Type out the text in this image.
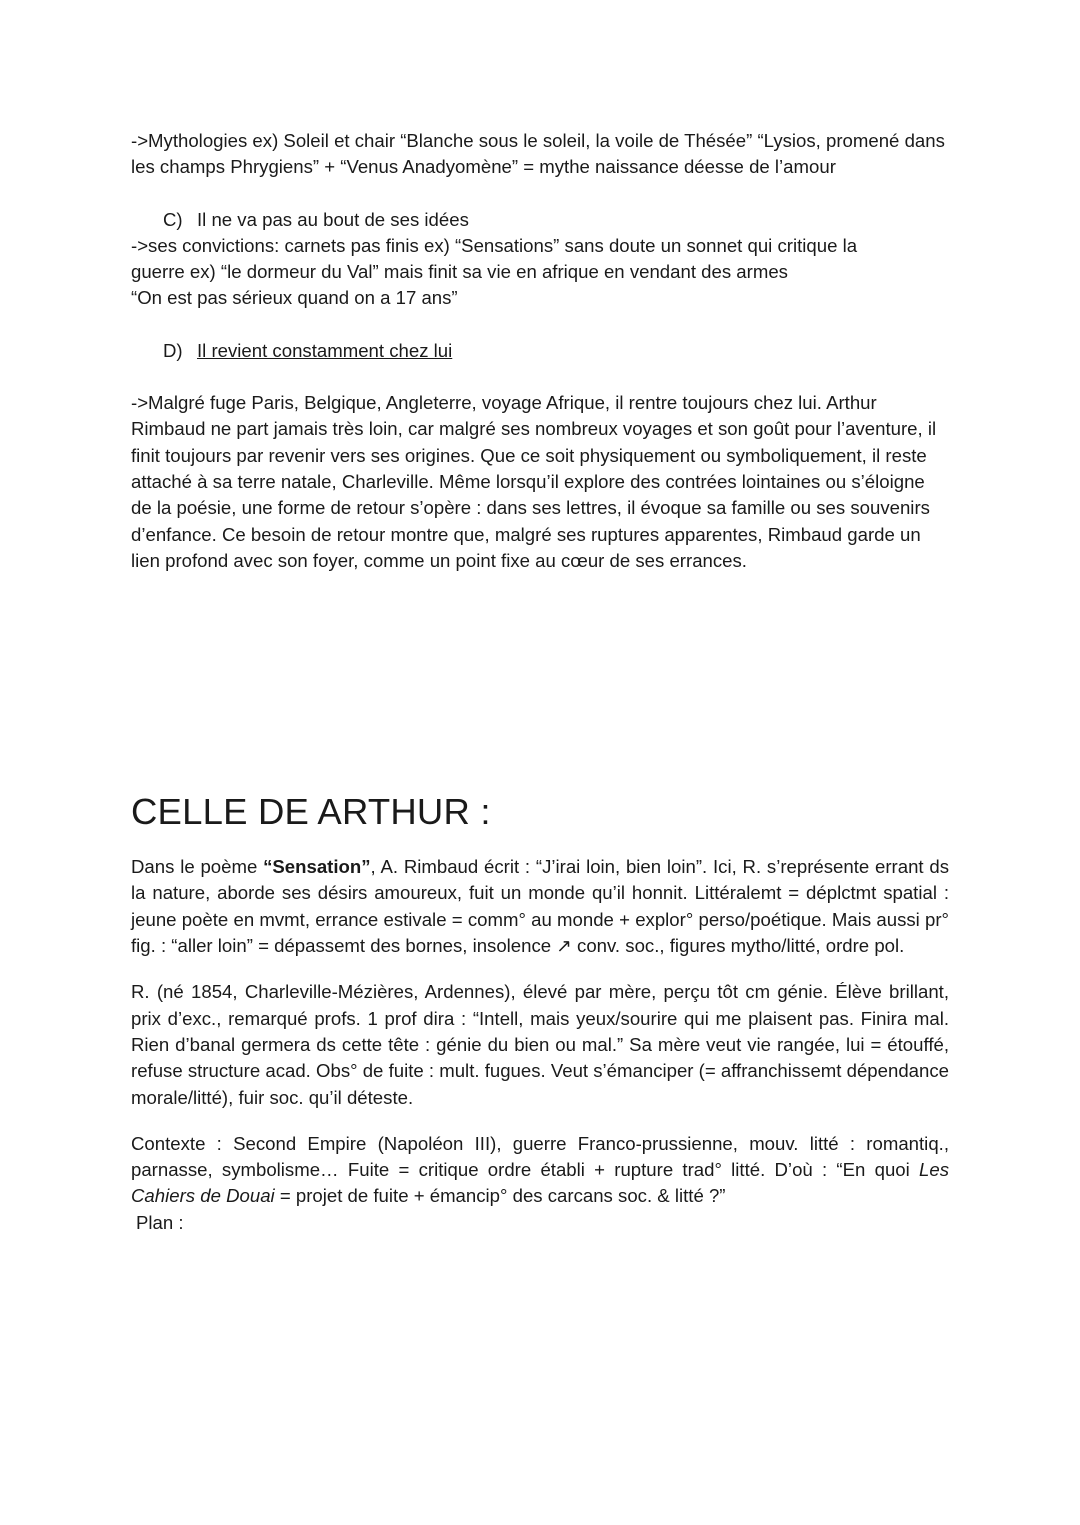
->Mythologies ex) Soleil et chair “Blanche sous le soleil, la voile de Thésée” “Lysios, promené dans les champs Phrygiens” + “Venus Anadyomène” = mythe naissance déesse de l’amour

C) Il ne va pas au bout de ses idées
->ses convictions: carnets pas finis ex) “Sensations” sans doute un sonnet qui critique la
guerre ex) “le dormeur du Val” mais finit sa vie en afrique en vendant des armes
“On est pas sérieux quand on a 17 ans”
D) Il revient constamment chez lui

->Malgré fuge Paris, Belgique, Angleterre, voyage Afrique, il rentre toujours chez lui. Arthur Rimbaud ne part jamais très loin, car malgré ses nombreux voyages et son goût pour l’aventure, il finit toujours par revenir vers ses origines. Que ce soit physiquement ou symboliquement, il reste attaché à sa terre natale, Charleville. Même lorsqu’il explore des contrées lointaines ou s’éloigne de la poésie, une forme de retour s’opère : dans ses lettres, il évoque sa famille ou ses souvenirs d’enfance. Ce besoin de retour montre que, malgré ses ruptures apparentes, Rimbaud garde un lien profond avec son foyer, comme un point fixe au cœur de ses errances.

CELLE DE ARTHUR :

Dans le poème “Sensation”, A. Rimbaud écrit : “J’irai loin, bien loin”. Ici, R. s’représente errant ds la nature, aborde ses désirs amoureux, fuit un monde qu’il honnit. Littéralemt = déplctmt spatial : jeune poète en mvmt, errance estivale = comm° au monde + explor° perso/poétique. Mais aussi pr° fig. : “aller loin” = dépassemt des bornes, insolence ↗ conv. soc., figures mytho/litté, ordre pol.

R. (né 1854, Charleville-Mézières, Ardennes), élevé par mère, perçu tôt cm génie. Élève brillant, prix d’exc., remarqué profs. 1 prof dira : “Intell, mais yeux/sourire qui me plaisent pas. Finira mal. Rien d’banal germera ds cette tête : génie du bien ou mal.” Sa mère veut vie rangée, lui = étouffé, refuse structure acad. Obs° de fuite : mult. fugues. Veut s’émanciper (= affranchissemt dépendance morale/litté), fuir soc. qu’il déteste.

Contexte : Second Empire (Napoléon III), guerre Franco-prussienne, mouv. litté : romantiq., parnasse, symbolisme… Fuite = critique ordre établi + rupture trad° litté. D’où : “En quoi Les Cahiers de Douai = projet de fuite + émancip° des carcans soc. & litté ?”

Plan :
